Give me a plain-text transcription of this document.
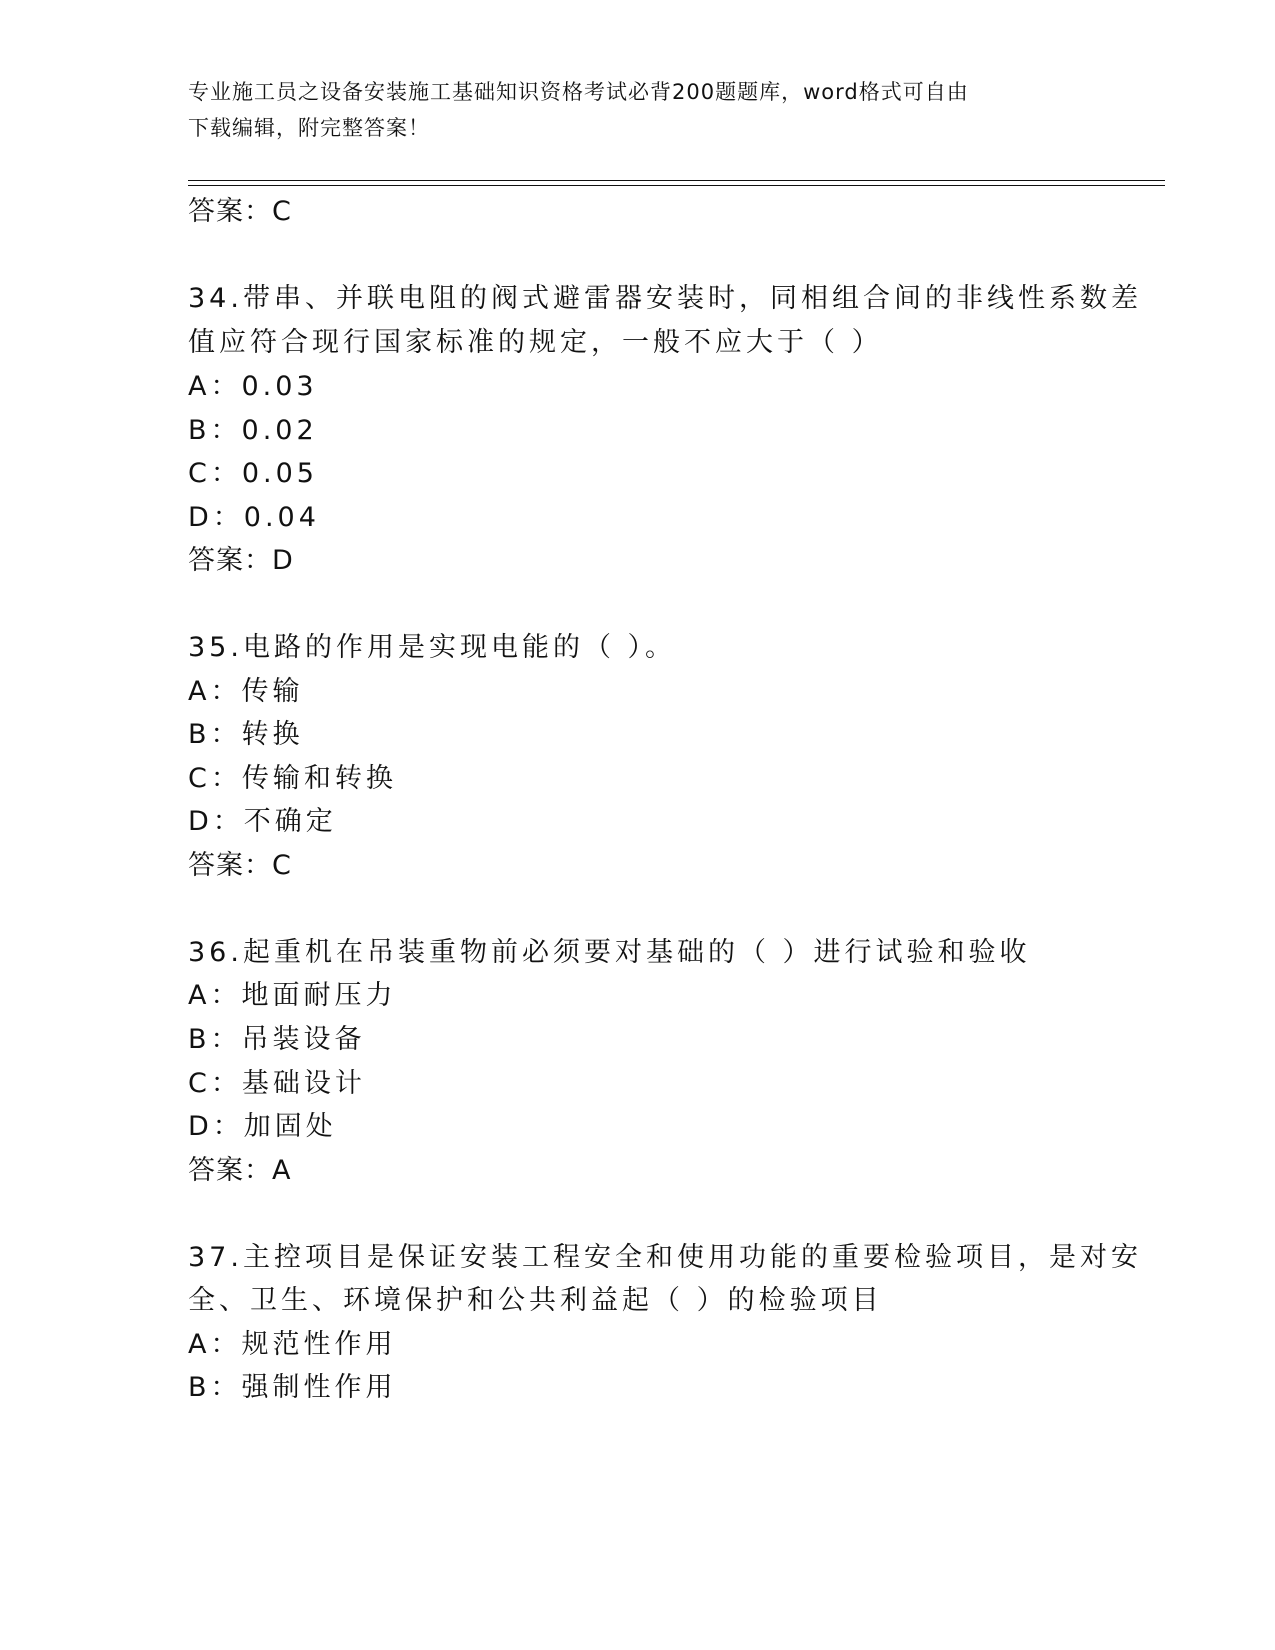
专业施工员之设备安装施工基础知识资格考试必背200题题库，word格式可自由
下载编辑，附完整答案！
答案：C
34.带串、并联电阻的阀式避雷器安装时，同相组合间的非线性系数差
值应符合现行国家标准的规定，一般不应大于（ ）
A：0.03
B：0.02
C：0.05
D：0.04
答案：D
35.电路的作用是实现电能的（ ）。
A：传输
B：转换
C：传输和转换
D：不确定
答案：C
36.起重机在吊装重物前必须要对基础的（ ）进行试验和验收
A：地面耐压力
B：吊装设备
C：基础设计
D：加固处
答案：A
37.主控项目是保证安装工程安全和使用功能的重要检验项目，是对安
全、卫生、环境保护和公共利益起（ ）的检验项目
A：规范性作用
B：强制性作用
